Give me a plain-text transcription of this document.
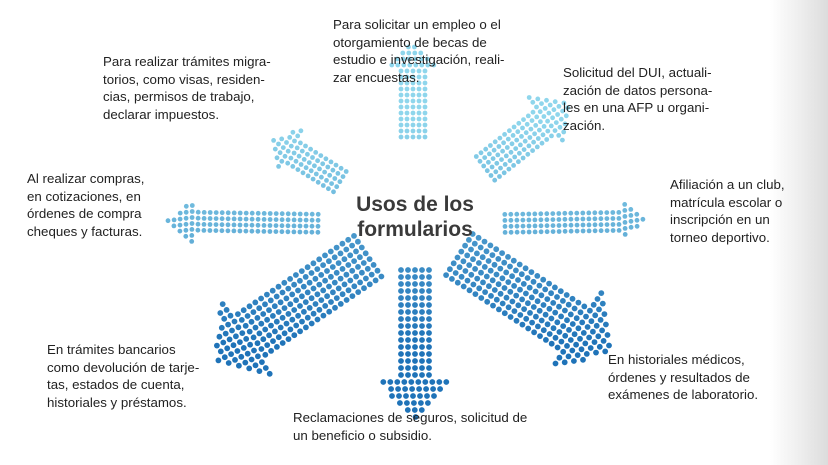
Usos de los
formularios
Para solicitar un empleo o el
otorgamiento de becas de
estudio e investigación, reali-
zar encuestas.
Para realizar trámites migra-
torios, como visas, residen-
cias, permisos de trabajo,
declarar impuestos.
Solicitud del DUI, actuali-
zación de datos persona-
les en una AFP u organi-
zación.
Al realizar compras,
en cotizaciones, en
órdenes de compra
cheques y facturas.
Afiliación a un club,
matrícula escolar o
inscripción en un
torneo deportivo.
En trámites bancarios
como devolución de tarje-
tas, estados de cuenta,
historiales y préstamos.
En historiales médicos,
órdenes y resultados de
exámenes de laboratorio.
Reclamaciones de seguros, solicitud de
un beneficio o subsidio.
